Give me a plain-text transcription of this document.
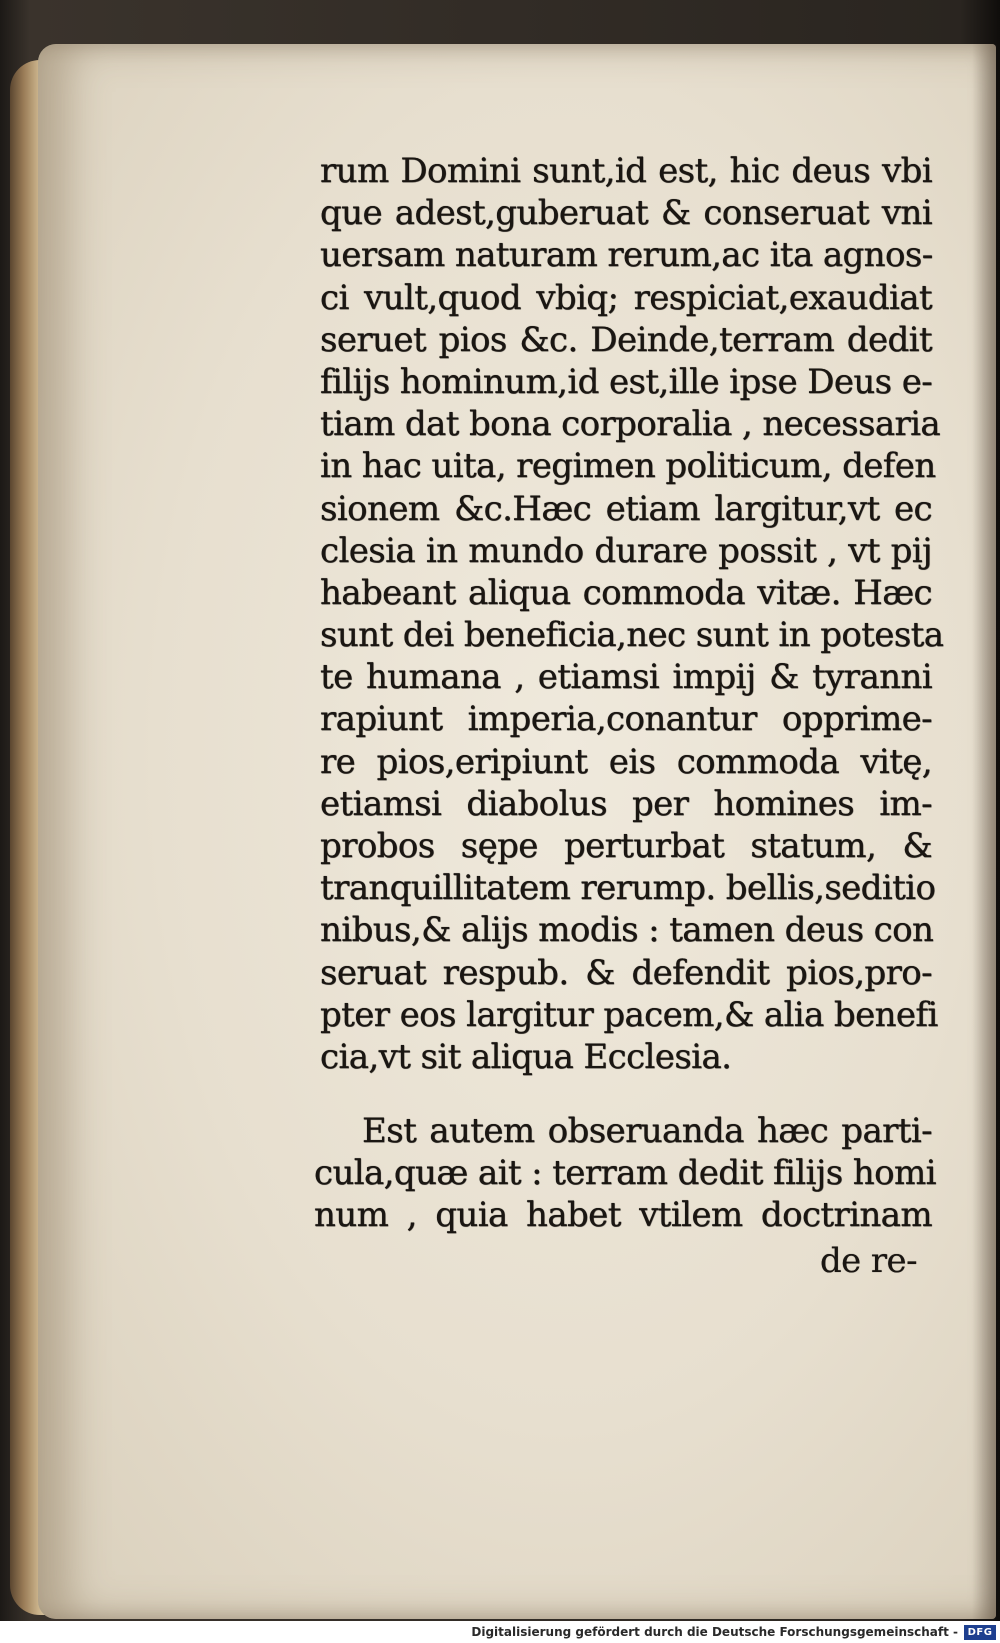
rum Domini sunt,id est, hic deus vbi
que adest,guberuat & conseruat vni
uersam naturam rerum,ac ita agnos-
ci vult,quod vbiq; respiciat,exaudiat
seruet pios &c. Deinde,terram dedit
filijs hominum,id est,ille ipse Deus e-
tiam dat bona corporalia , necessaria
in hac uita, regimen politicum, defen
sionem &c.Hæc etiam largitur,vt ec
clesia in mundo durare possit , vt pij
habeant aliqua commoda vitæ. Hæc
sunt dei beneficia,nec sunt in potesta
te humana , etiamsi impij & tyranni
rapiunt imperia,conantur opprime-
re pios,eripiunt eis commoda vitę,
etiamsi diabolus per homines im-
probos sępe perturbat statum, &
tranquillitatem rerump. bellis,seditio
nibus,& alijs modis : tamen deus con
seruat respub. & defendit pios,pro-
pter eos largitur pacem,& alia benefi
cia,vt sit aliqua Ecclesia.
Est autem obseruanda hæc parti-
cula,quæ ait : terram dedit filijs homi
num , quia habet vtilem doctrinam
de re-
Digitalisierung gefördert durch die Deutsche Forschungsgemeinschaft - DFG
